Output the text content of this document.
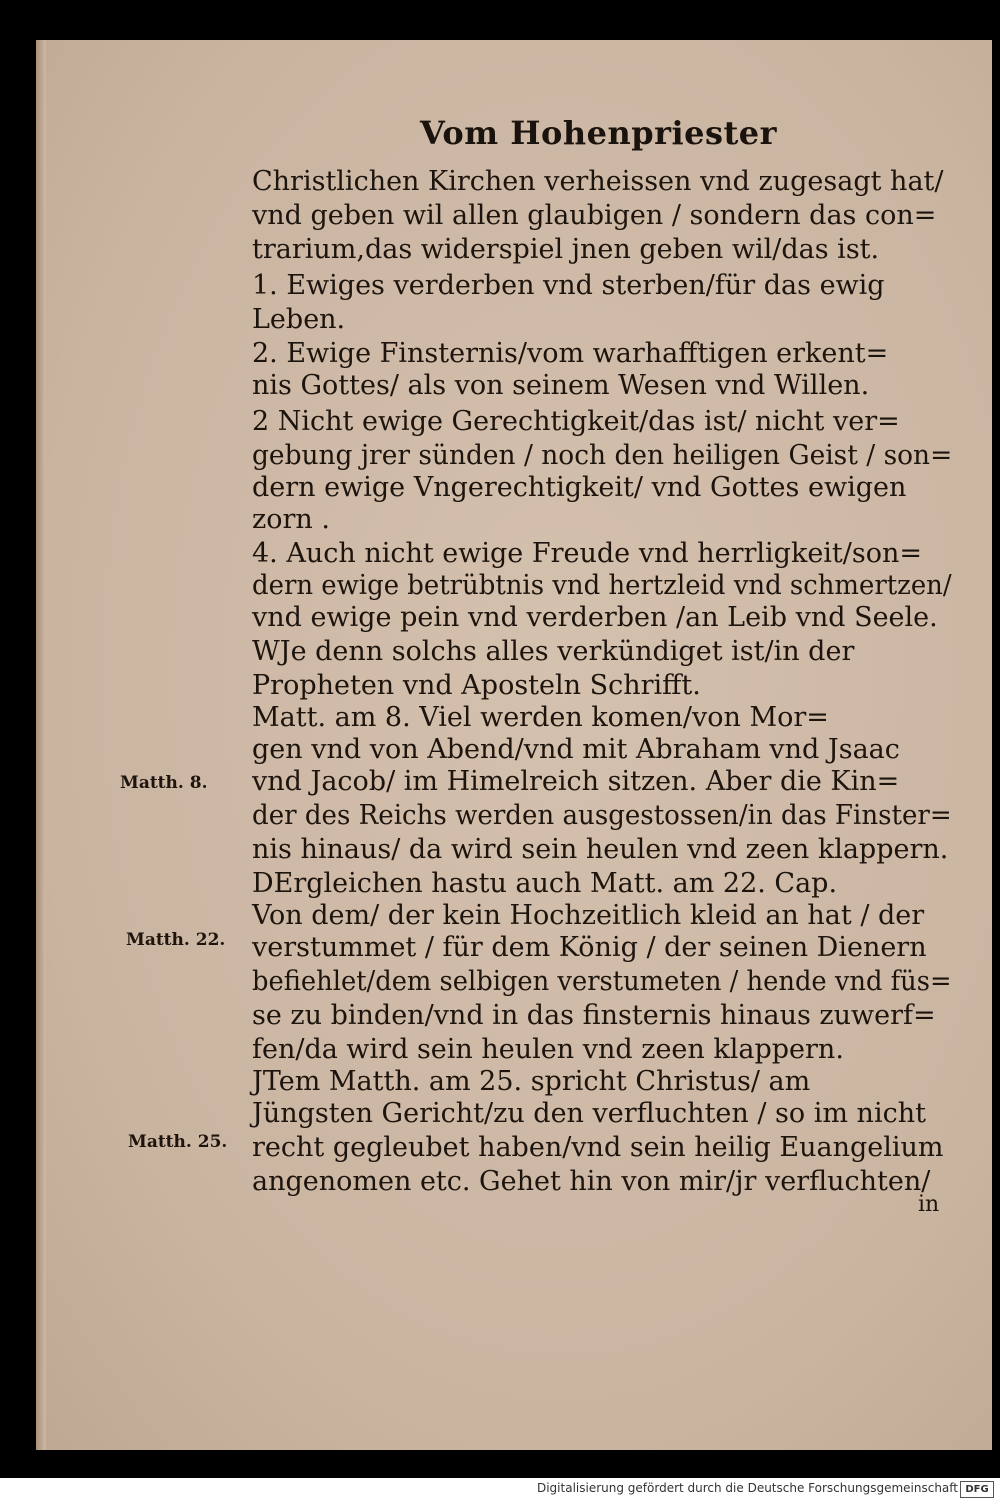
Vom Hohenpriester
Christlichen Kirchen verheissen vnd zugesagt hat/
vnd geben wil allen glaubigen / sondern das con=
trarium,das widerspiel jnen geben wil/das ist.
1. Ewiges verderben vnd sterben/für das ewig
Leben.
2. Ewige Finsternis/vom warhafftigen erkent=
nis Gottes/ als von seinem Wesen vnd Willen.
2 Nicht ewige Gerechtigkeit/das ist/ nicht ver=
gebung jrer sünden / noch den heiligen Geist / son=
dern ewige Vngerechtigkeit/ vnd Gottes ewigen
zorn .
4. Auch nicht ewige Freude vnd herrligkeit/son=
dern ewige betrübtnis vnd hertzleid vnd schmertzen/
vnd ewige pein vnd verderben /an Leib vnd Seele.
WJe denn solchs alles verkündiget ist/in der
Propheten vnd Aposteln Schrifft.
Matt. am 8. Viel werden komen/von Mor=
gen vnd von Abend/vnd mit Abraham vnd Jsaac
vnd Jacob/ im Himelreich sitzen. Aber die Kin=
der des Reichs werden ausgestossen/in das Finster=
nis hinaus/ da wird sein heulen vnd zeen klappern.
DErgleichen hastu auch Matt. am 22. Cap.
Von dem/ der kein Hochzeitlich kleid an hat / der
verstummet / für dem König / der seinen Dienern
befiehlet/dem selbigen verstumeten / hende vnd füs=
se zu binden/vnd in das finsternis hinaus zuwerf=
fen/da wird sein heulen vnd zeen klappern.
JTem Matth. am 25. spricht Christus/ am
Jüngsten Gericht/zu den verfluchten / so im nicht
recht gegleubet haben/vnd sein heilig Euangelium
angenomen etc. Gehet hin von mir/jr verfluchten/
Matth. 8.
Matth. 22.
Matth. 25.
in
Digitalisierung gefördert durch die Deutsche Forschungsgemeinschaft DFG
